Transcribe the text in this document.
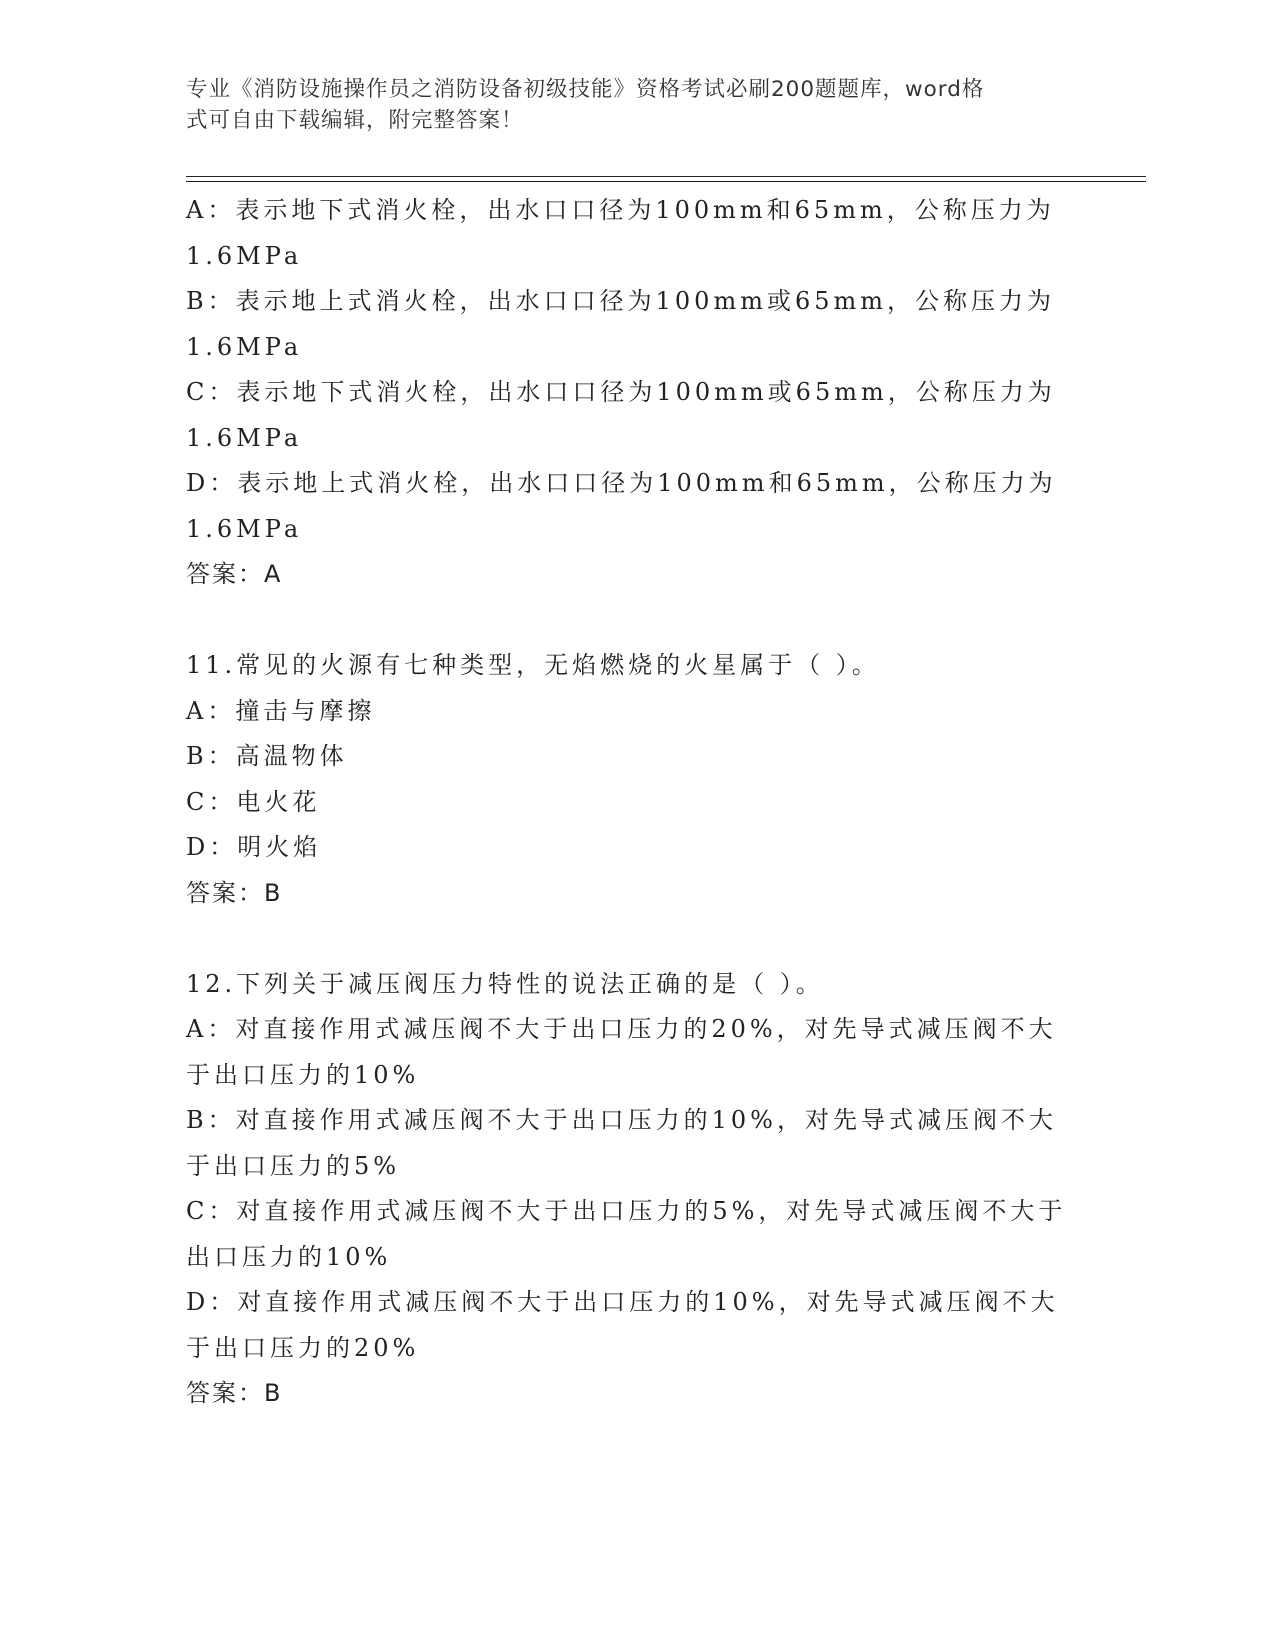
专业《消防设施操作员之消防设备初级技能》资格考试必刷200题题库，word格
式可自由下载编辑，附完整答案！
A：表示地下式消火栓，出水口口径为100mm和65mm，公称压力为
1.6MPa
B：表示地上式消火栓，出水口口径为100mm或65mm，公称压力为
1.6MPa
C：表示地下式消火栓，出水口口径为100mm或65mm，公称压力为
1.6MPa
D：表示地上式消火栓，出水口口径为100mm和65mm，公称压力为
1.6MPa
答案：A
11.常见的火源有七种类型，无焰燃烧的火星属于（ ）。
A：撞击与摩擦
B：高温物体
C：电火花
D：明火焰
答案：B
12.下列关于减压阀压力特性的说法正确的是（ ）。
A：对直接作用式减压阀不大于出口压力的20%，对先导式减压阀不大
于出口压力的10%
B：对直接作用式减压阀不大于出口压力的10%，对先导式减压阀不大
于出口压力的5%
C：对直接作用式减压阀不大于出口压力的5%，对先导式减压阀不大于
出口压力的10%
D：对直接作用式减压阀不大于出口压力的10%，对先导式减压阀不大
于出口压力的20%
答案：B
